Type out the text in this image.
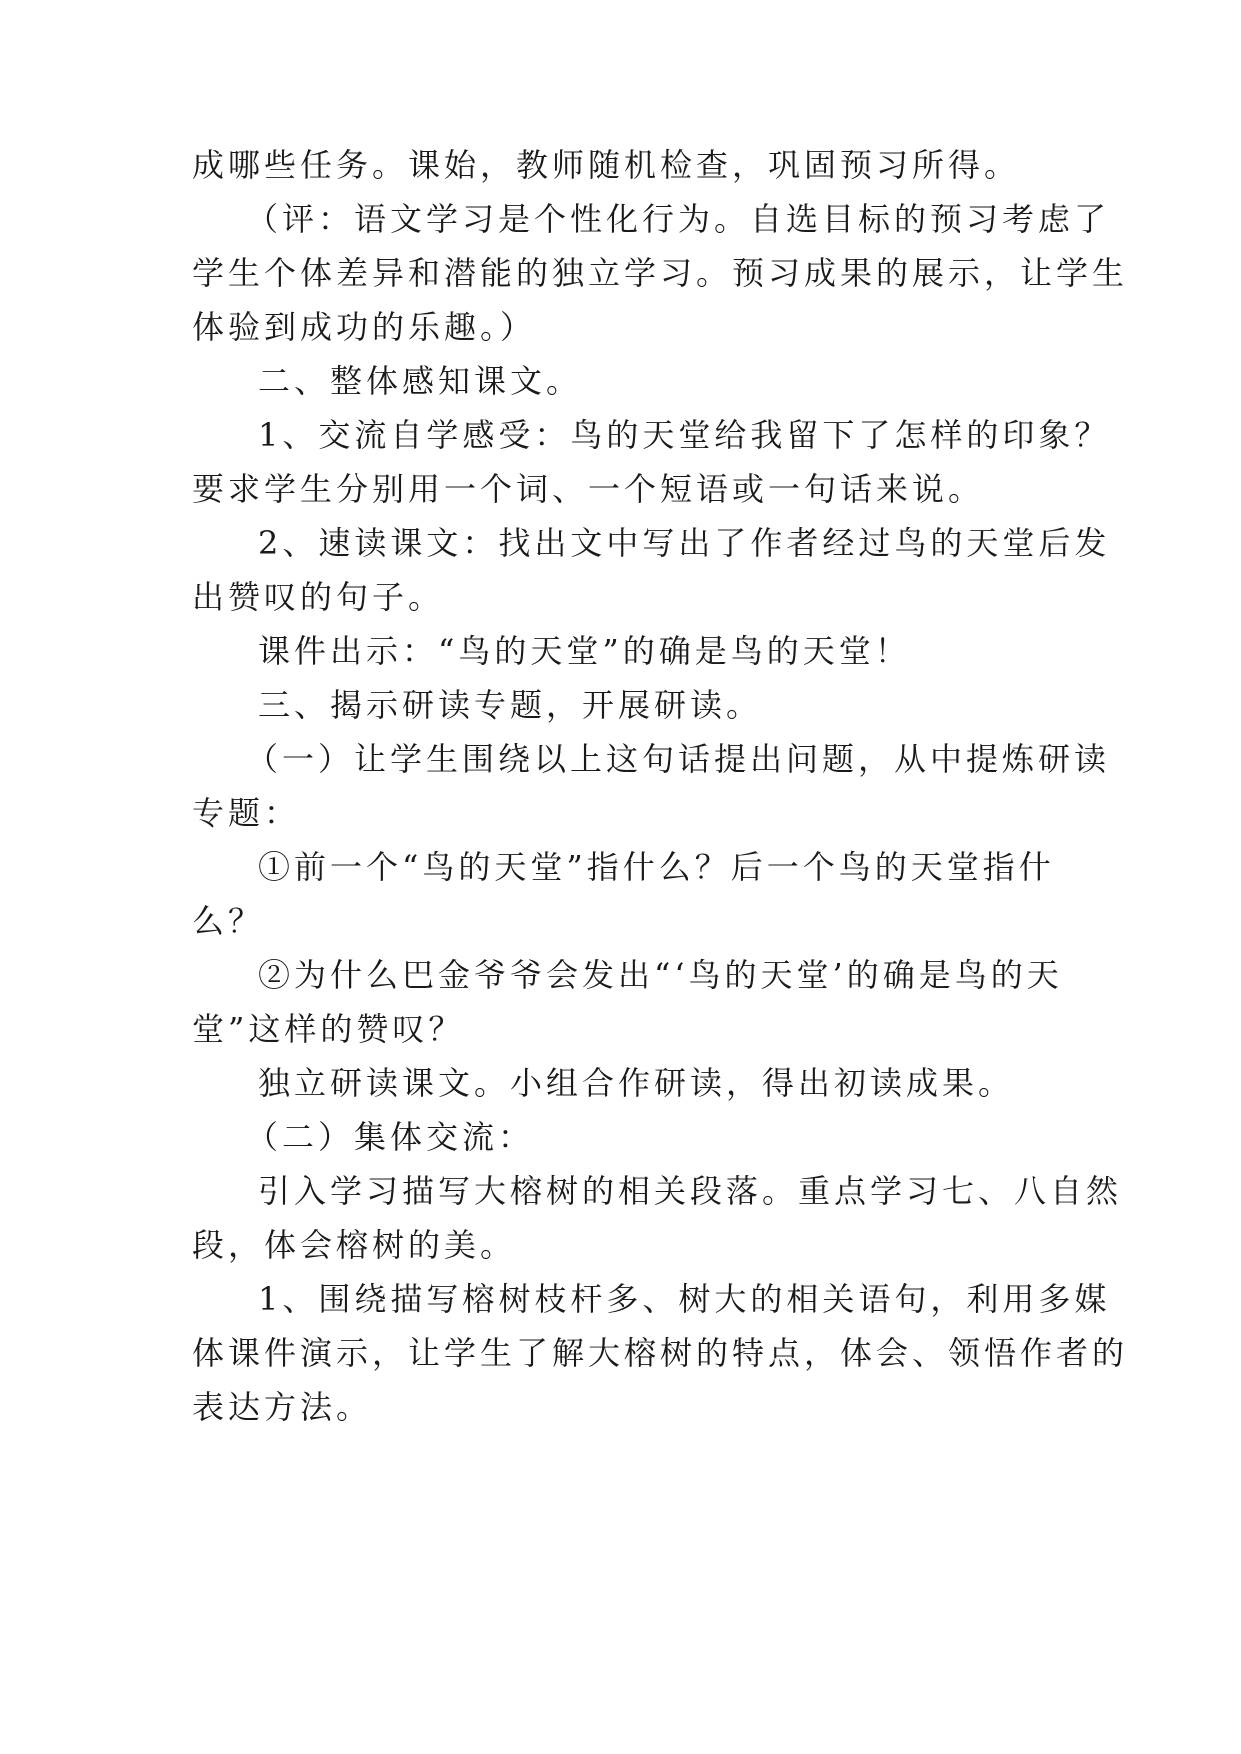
成哪些任务。课始，教师随机检查，巩固预习所得。
（评：语文学习是个性化行为。自选目标的预习考虑了
学生个体差异和潜能的独立学习。预习成果的展示，让学生
体验到成功的乐趣。）
二、整体感知课文。
1、交流自学感受：鸟的天堂给我留下了怎样的印象？
要求学生分别用一个词、一个短语或一句话来说。
2、速读课文：找出文中写出了作者经过鸟的天堂后发
出赞叹的句子。
课件出示：“鸟的天堂”的确是鸟的天堂！
三、揭示研读专题，开展研读。
（一）让学生围绕以上这句话提出问题，从中提炼研读
专题：
①前一个“鸟的天堂”指什么？后一个鸟的天堂指什
么？
②为什么巴金爷爷会发出“‘鸟的天堂’的确是鸟的天
堂”这样的赞叹？
独立研读课文。小组合作研读，得出初读成果。
（二）集体交流：
引入学习描写大榕树的相关段落。重点学习七、八自然
段，体会榕树的美。
1、围绕描写榕树枝杆多、树大的相关语句，利用多媒
体课件演示，让学生了解大榕树的特点，体会、领悟作者的
表达方法。
